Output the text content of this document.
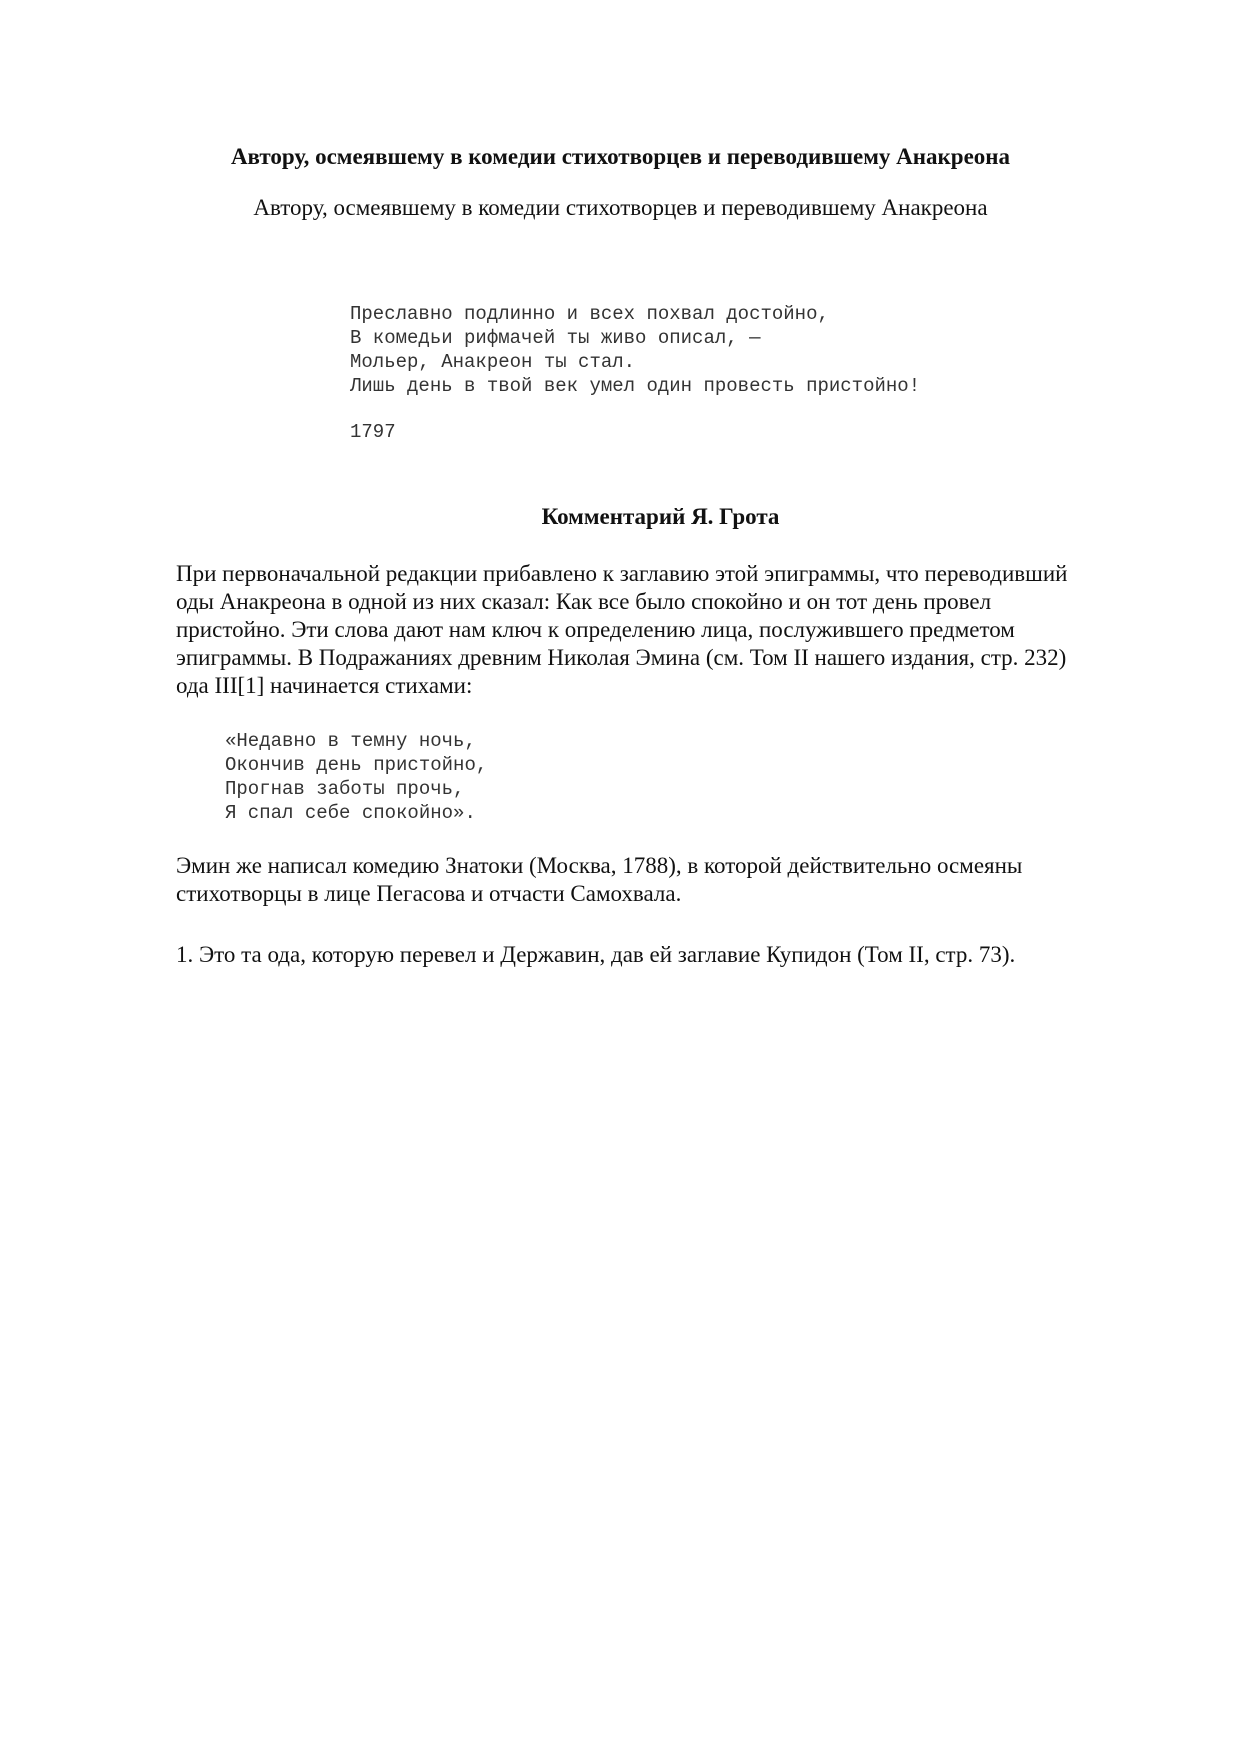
Автору, осмеявшему в комедии стихотворцев и переводившему Анакреона
Автору, осмеявшему в комедии стихотворцев и переводившему Анакреона
Преславно подлинно и всех похвал достойно,
В комедьи рифмачей ты живо описал, —
Мольер, Анакреон ты стал.
Лишь день в твой век умел один провесть пристойно!
1797
Комментарий Я. Грота
При первоначальной редакции прибавлено к заглавию этой эпиграммы, что переводивший
оды Анакреона в одной из них сказал: Как все было спокойно и он тот день провел
пристойно. Эти слова дают нам ключ к определению лица, послужившего предметом
эпиграммы. В Подражаниях древним Николая Эмина (см. Том II нашего издания, стр. 232)
ода III[1] начинается стихами:
«Недавно в темну ночь,
Окончив день пристойно,
Прогнав заботы прочь,
Я спал себе спокойно».
Эмин же написал комедию Знатоки (Москва, 1788), в которой действительно осмеяны
стихотворцы в лице Пегасова и отчасти Самохвала.
1. Это та ода, которую перевел и Державин, дав ей заглавие Купидон (Том II, стр. 73).
